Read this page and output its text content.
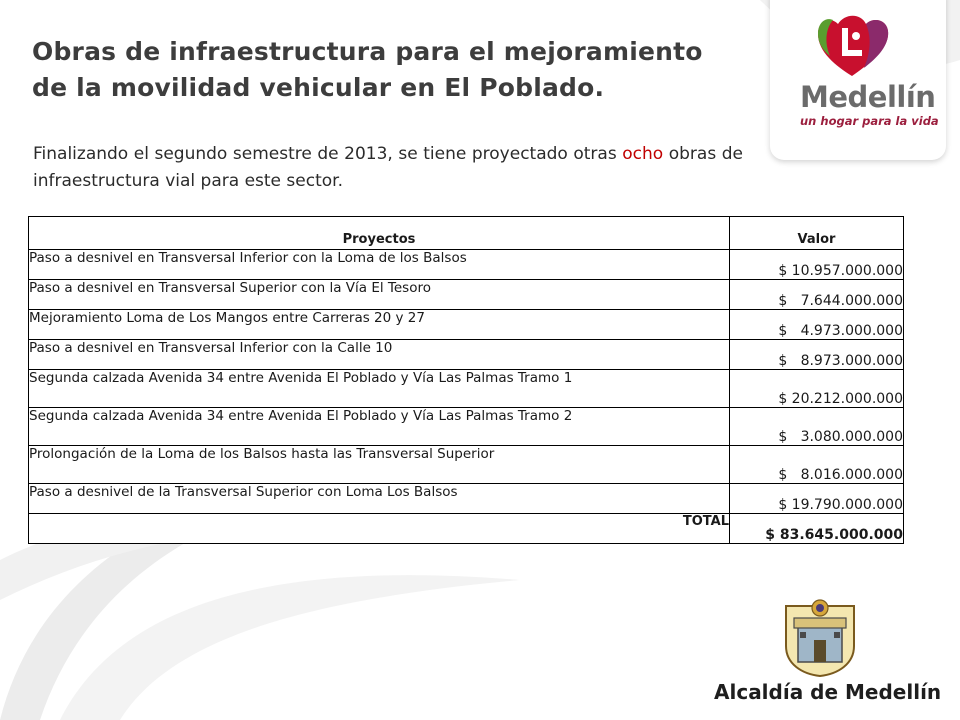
Obras de infraestructura para el mejoramiento de la movilidad vehicular en El Poblado.

Finalizando el segundo semestre de 2013, se tiene proyectado otras ocho obras de infraestructura vial para este sector.

Medellín

un hogar para la vida

Proyectos	Valor
Paso a desnivel en Transversal Inferior con la Loma de los Balsos	$ 10.957.000.000
Paso a desnivel en Transversal Superior con la Vía El Tesoro	$   7.644.000.000
Mejoramiento Loma de Los Mangos entre Carreras 20 y 27	$   4.973.000.000
Paso a desnivel en Transversal Inferior con la Calle 10	$   8.973.000.000
Segunda calzada Avenida 34 entre Avenida El Poblado y Vía Las Palmas Tramo 1	$ 20.212.000.000
Segunda calzada Avenida 34 entre Avenida El Poblado y Vía Las Palmas Tramo 2	$   3.080.000.000
Prolongación de la Loma de los Balsos hasta las Transversal Superior	$   8.016.000.000
Paso a desnivel de la Transversal Superior con Loma Los Balsos	$ 19.790.000.000
TOTAL	$ 83.645.000.000

Alcaldía de Medellín
